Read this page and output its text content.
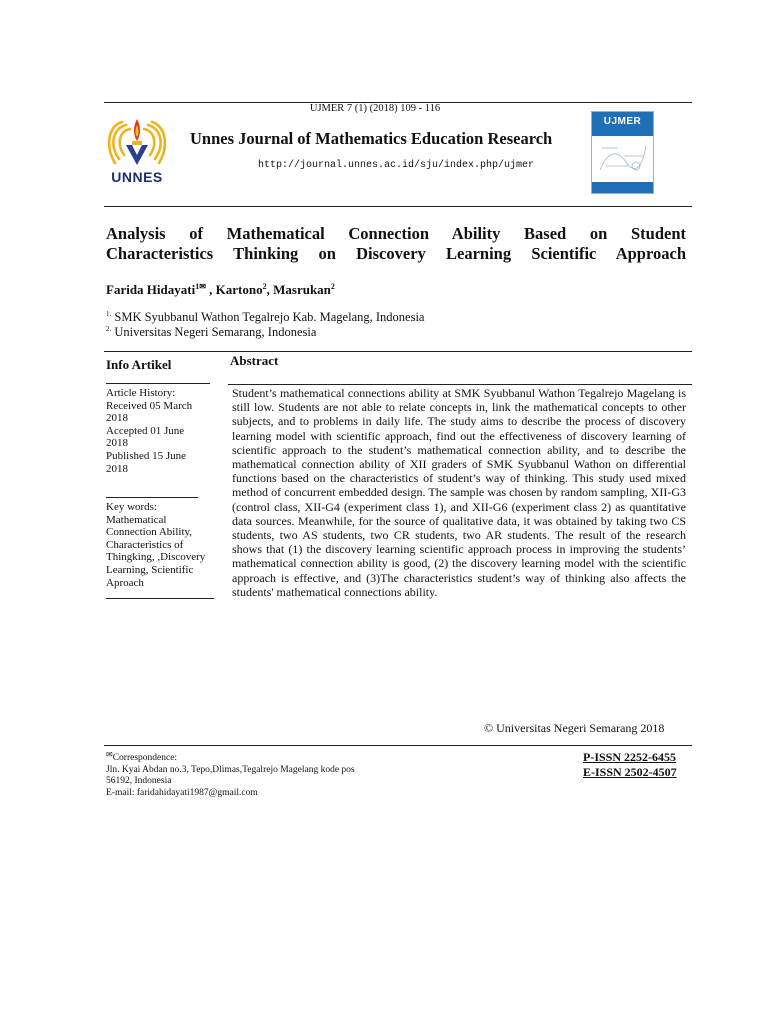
UJMER 7 (1) (2018) 109 - 116
UNNES
Unnes Journal of Mathematics Education Research
http://journal.unnes.ac.id/sju/index.php/ujmer
UJMER
Analysis of Mathematical Connection Ability Based on Student
Characteristics Thinking on Discovery Learning Scientific Approach
Farida Hidayati$^{1✉}$ , Kartono$^2$, Masrukan$^2$
$^{1.}$ SMK Syubbanul Wathon Tegalrejo Kab. Magelang, Indonesia
$^{2.}$ Universitas Negeri Semarang, Indonesia
Info Artikel	Abstract
Article History:
Received 05 March
2018
Accepted 01 June
2018
Published 15 June
2018
Key words:
Mathematical
Connection Ability,
Characteristics of
Thingking, ,Discovery
Learning, Scientific
Aproach
Student’s mathematical connections ability at SMK Syubbanul Wathon Tegalrejo Magelang is still low. Students are not able to relate concepts in, link the mathematical concepts to other subjects, and to problems in daily life. The study aims to describe the process of discovery learning model with scientific approach, find out the effectiveness of discovery learning of scientific approach to the student’s mathematical connection ability, and to describe the mathematical connection ability of XII graders of SMK Syubbanul Wathon on differential functions based on the characteristics of student’s way of thinking. This study used mixed method of concurrent embedded design. The sample was chosen by random sampling, XII-G3 (control class, XII-G4 (experiment class 1), and XII-G6 (experiment class 2) as quantitative data sources. Meanwhile, for the source of qualitative data, it was obtained by taking two CS students, two AS students, two CR students, two AR students. The result of the research shows that (1) the discovery learning scientific approach process in improving the students’ mathematical connection ability is good, (2) the discovery learning model with the scientific approach is effective, and (3)The characteristics student’s way of thinking also affects the students' mathematical connections ability.
© Universitas Negeri Semarang 2018
✉Correspondence:
Jln. Kyai Abdan no.3, Tepo,Dlimas,Tegalrejo Magelang kode pos
56192, Indonesia
E-mail: faridahidayati1987@gmail.com
P-ISSN 2252-6455
E-ISSN 2502-4507
